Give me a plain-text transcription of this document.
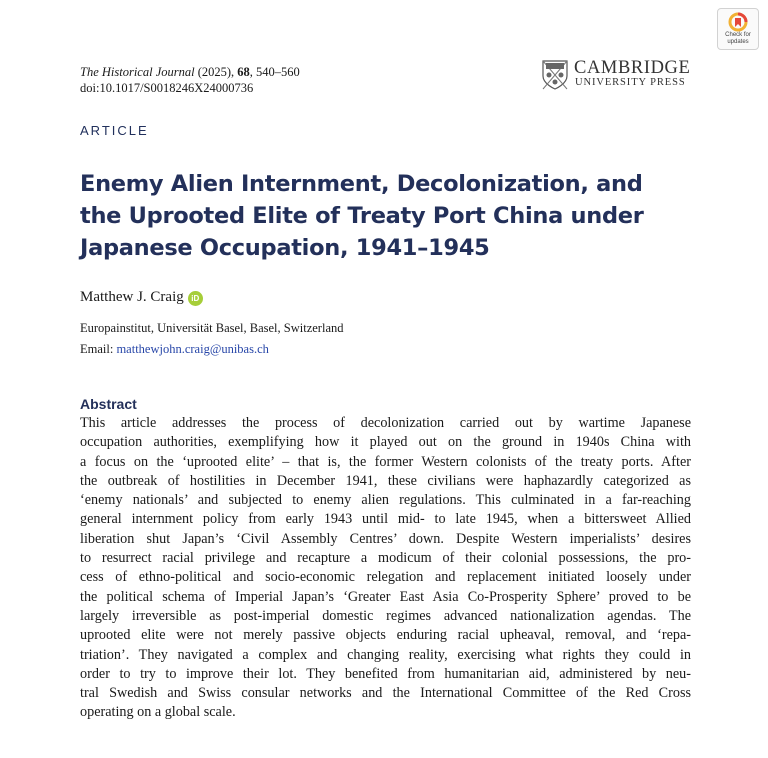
Check for
updates
The Historical Journal (2025), 68, 540–560
doi:10.1017/S0018246X24000736
CAMBRIDGE
UNIVERSITY PRESS
ARTICLE
Enemy Alien Internment, Decolonization, and
the Uprooted Elite of Treaty Port China under
Japanese Occupation, 1941–1945
Matthew J. Craig iD
Europainstitut, Universität Basel, Basel, Switzerland
Email: matthewjohn.craig@unibas.ch
Abstract
This article addresses the process of decolonization carried out by wartime Japanese
occupation authorities, exemplifying how it played out on the ground in 1940s China with
a focus on the ‘uprooted elite’ – that is, the former Western colonists of the treaty ports. After
the outbreak of hostilities in December 1941, these civilians were haphazardly categorized as
‘enemy nationals’ and subjected to enemy alien regulations. This culminated in a far-reaching
general internment policy from early 1943 until mid- to late 1945, when a bittersweet Allied
liberation shut Japan’s ‘Civil Assembly Centres’ down. Despite Western imperialists’ desires
to resurrect racial privilege and recapture a modicum of their colonial possessions, the pro-
cess of ethno-political and socio-economic relegation and replacement initiated loosely under
the political schema of Imperial Japan’s ‘Greater East Asia Co-Prosperity Sphere’ proved to be
largely irreversible as post-imperial domestic regimes advanced nationalization agendas. The
uprooted elite were not merely passive objects enduring racial upheaval, removal, and ‘repa-
triation’. They navigated a complex and changing reality, exercising what rights they could in
order to try to improve their lot. They benefited from humanitarian aid, administered by neu-
tral Swedish and Swiss consular networks and the International Committee of the Red Cross
operating on a global scale.
